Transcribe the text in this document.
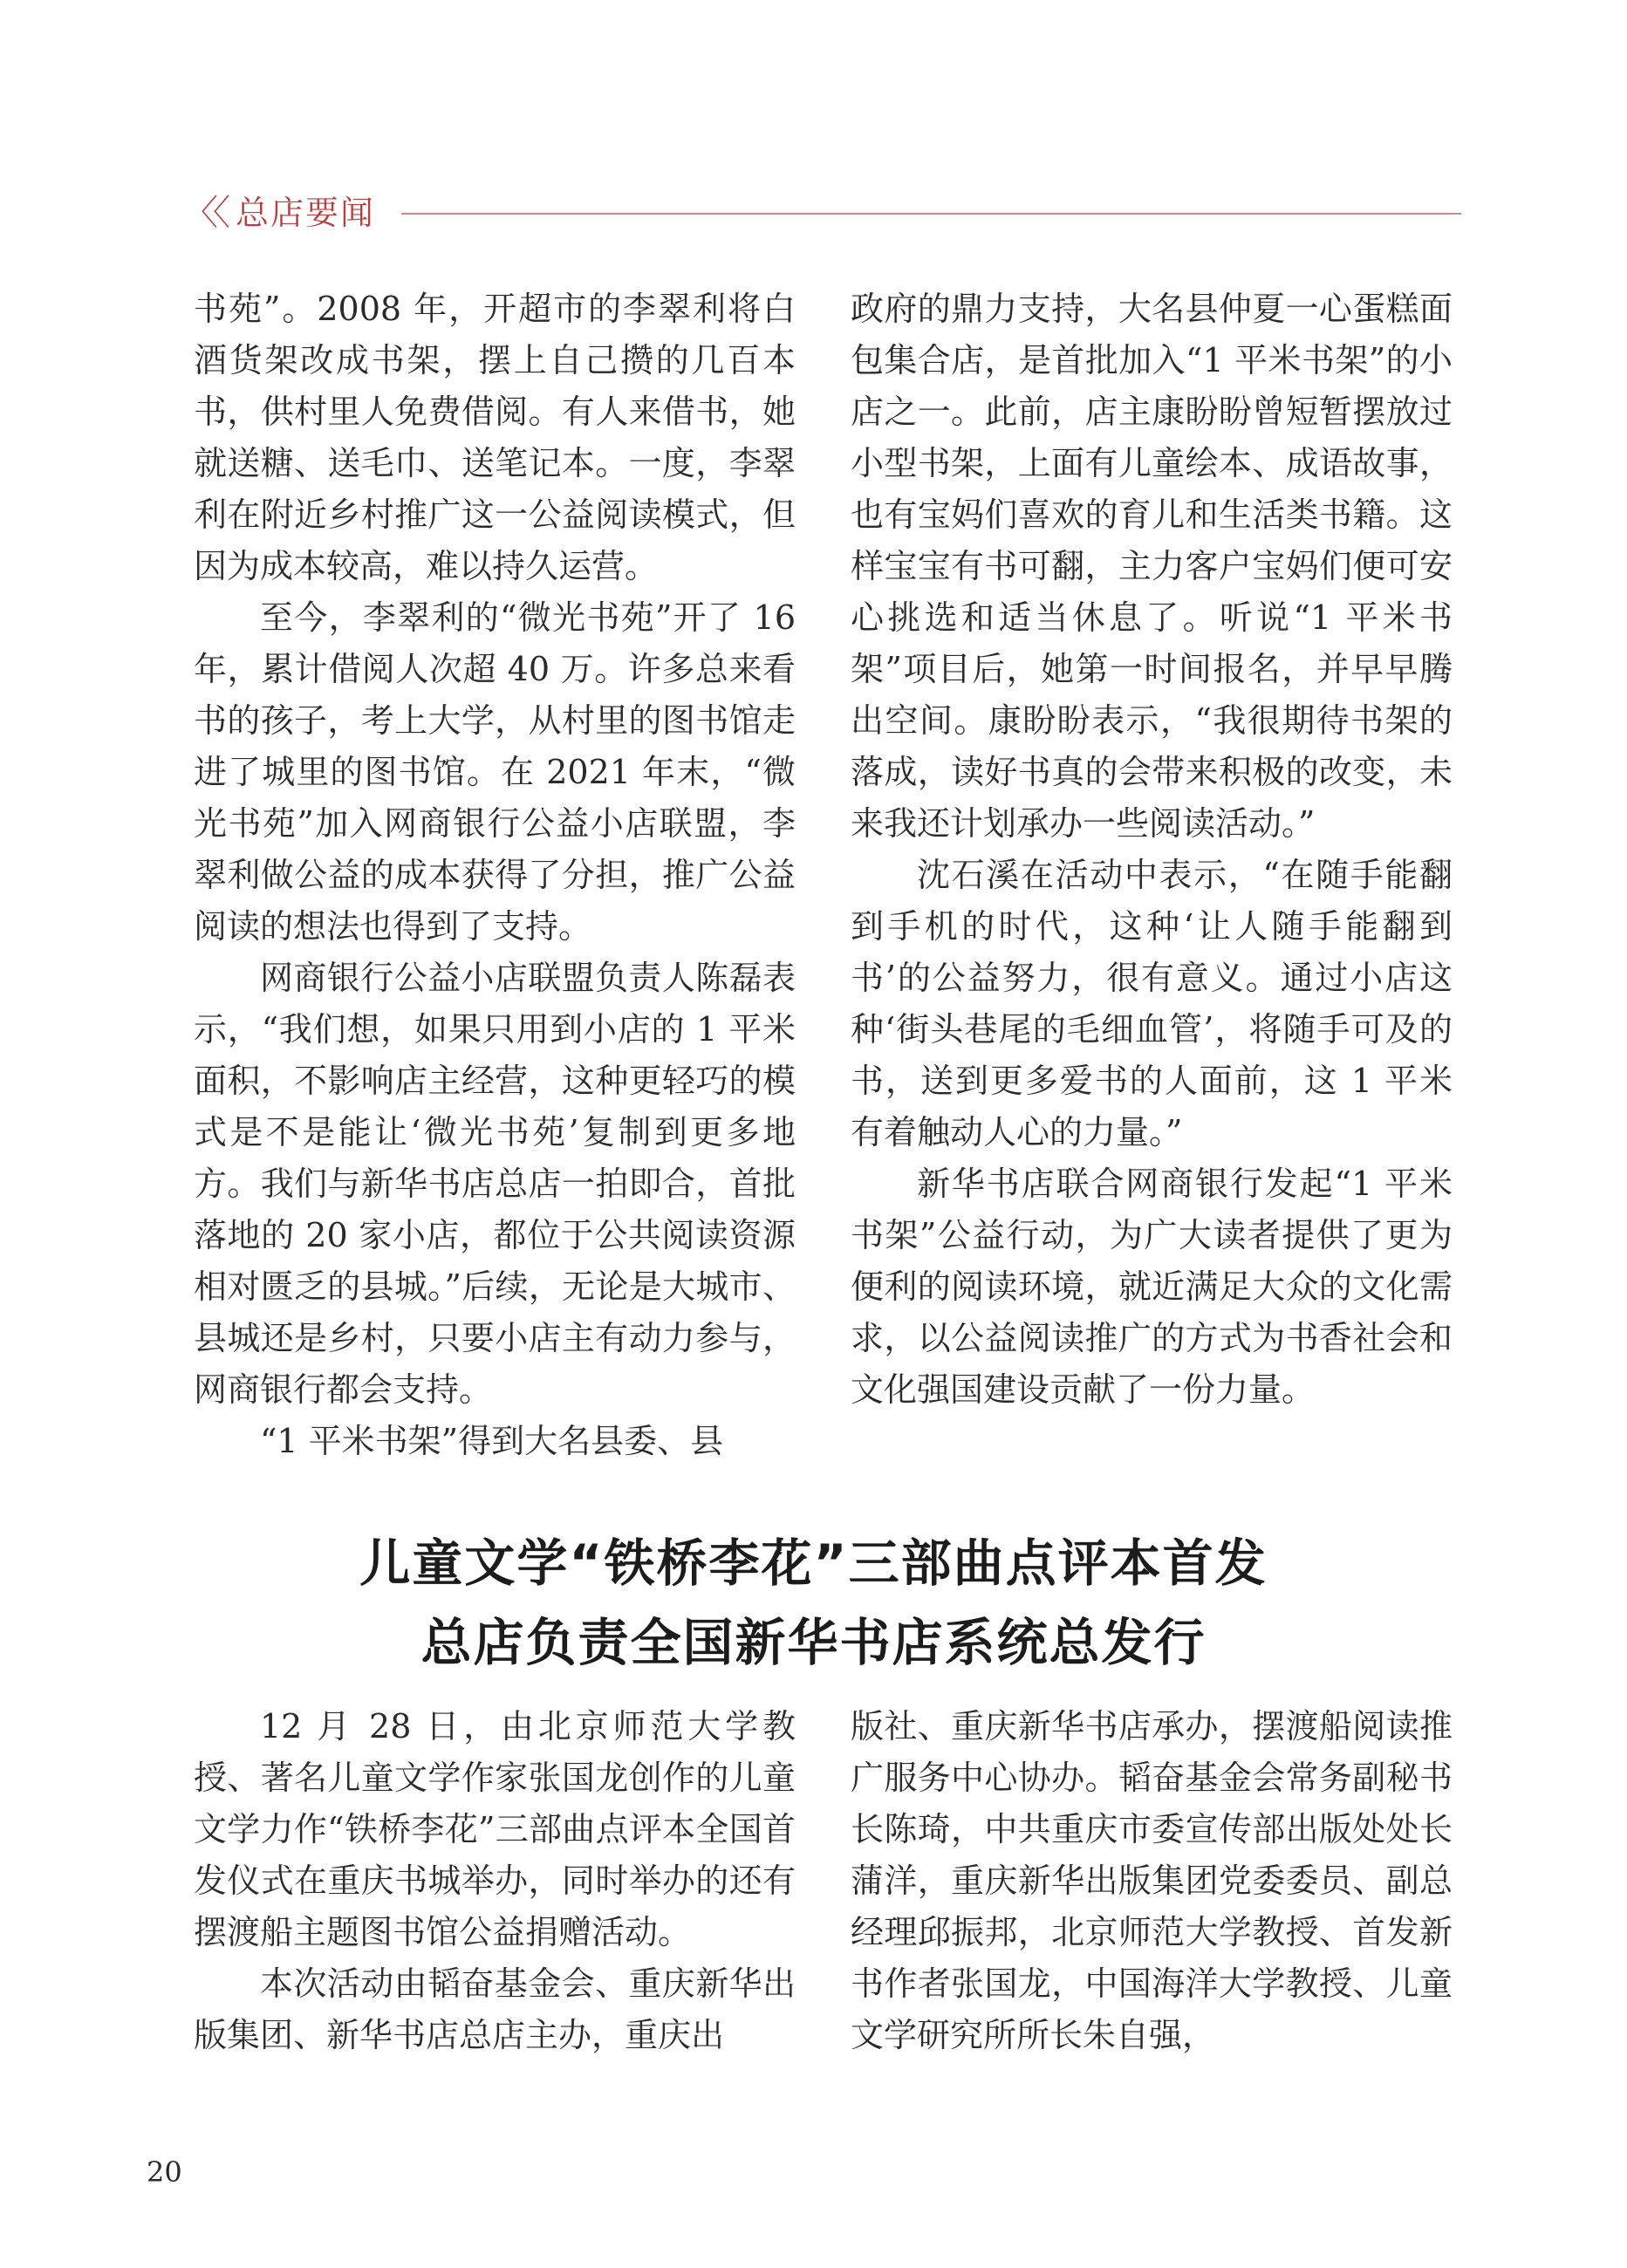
〈〈 总店要闻

书苑”。2008 年，开超市的李翠利将白酒货架改成书架，摆上自己攒的几百本书，供村里人免费借阅。有人来借书，她就送糖、送毛巾、送笔记本。一度，李翠利在附近乡村推广这一公益阅读模式，但因为成本较高，难以持久运营。

至今，李翠利的“微光书苑”开了 16 年，累计借阅人次超 40 万。许多总来看书的孩子，考上大学，从村里的图书馆走进了城里的图书馆。在 2021 年末，“微光书苑”加入网商银行公益小店联盟，李翠利做公益的成本获得了分担，推广公益阅读的想法也得到了支持。

网商银行公益小店联盟负责人陈磊表示，“我们想，如果只用到小店的 1 平米面积，不影响店主经营，这种更轻巧的模式是不是能让‘微光书苑’复制到更多地方。我们与新华书店总店一拍即合，首批落地的 20 家小店，都位于公共阅读资源相对匮乏的县城。”后续，无论是大城市、县城还是乡村，只要小店主有动力参与，网商银行都会支持。

“1 平米书架”得到大名县委、县

政府的鼎力支持，大名县仲夏一心蛋糕面包集合店，是首批加入“1 平米书架”的小店之一。此前，店主康盼盼曾短暂摆放过小型书架，上面有儿童绘本、成语故事，也有宝妈们喜欢的育儿和生活类书籍。这样宝宝有书可翻，主力客户宝妈们便可安心挑选和适当休息了。听说“1 平米书架”项目后，她第一时间报名，并早早腾出空间。康盼盼表示，“我很期待书架的落成，读好书真的会带来积极的改变，未来我还计划承办一些阅读活动。”

沈石溪在活动中表示，“在随手能翻到手机的时代，这种‘让人随手能翻到书’的公益努力，很有意义。通过小店这种‘街头巷尾的毛细血管’，将随手可及的书，送到更多爱书的人面前，这 1 平米有着触动人心的力量。”

新华书店联合网商银行发起“1 平米书架”公益行动，为广大读者提供了更为便利的阅读环境，就近满足大众的文化需求，以公益阅读推广的方式为书香社会和文化强国建设贡献了一份力量。

儿童文学“铁桥李花”三部曲点评本首发
总店负责全国新华书店系统总发行

12 月 28 日，由北京师范大学教授、著名儿童文学作家张国龙创作的儿童文学力作“铁桥李花”三部曲点评本全国首发仪式在重庆书城举办，同时举办的还有摆渡船主题图书馆公益捐赠活动。

本次活动由韬奋基金会、重庆新华出版集团、新华书店总店主办，重庆出

版社、重庆新华书店承办，摆渡船阅读推广服务中心协办。韬奋基金会常务副秘书长陈琦，中共重庆市委宣传部出版处处长蒲洋，重庆新华出版集团党委委员、副总经理邱振邦，北京师范大学教授、首发新书作者张国龙，中国海洋大学教授、儿童文学研究所所长朱自强，

20
